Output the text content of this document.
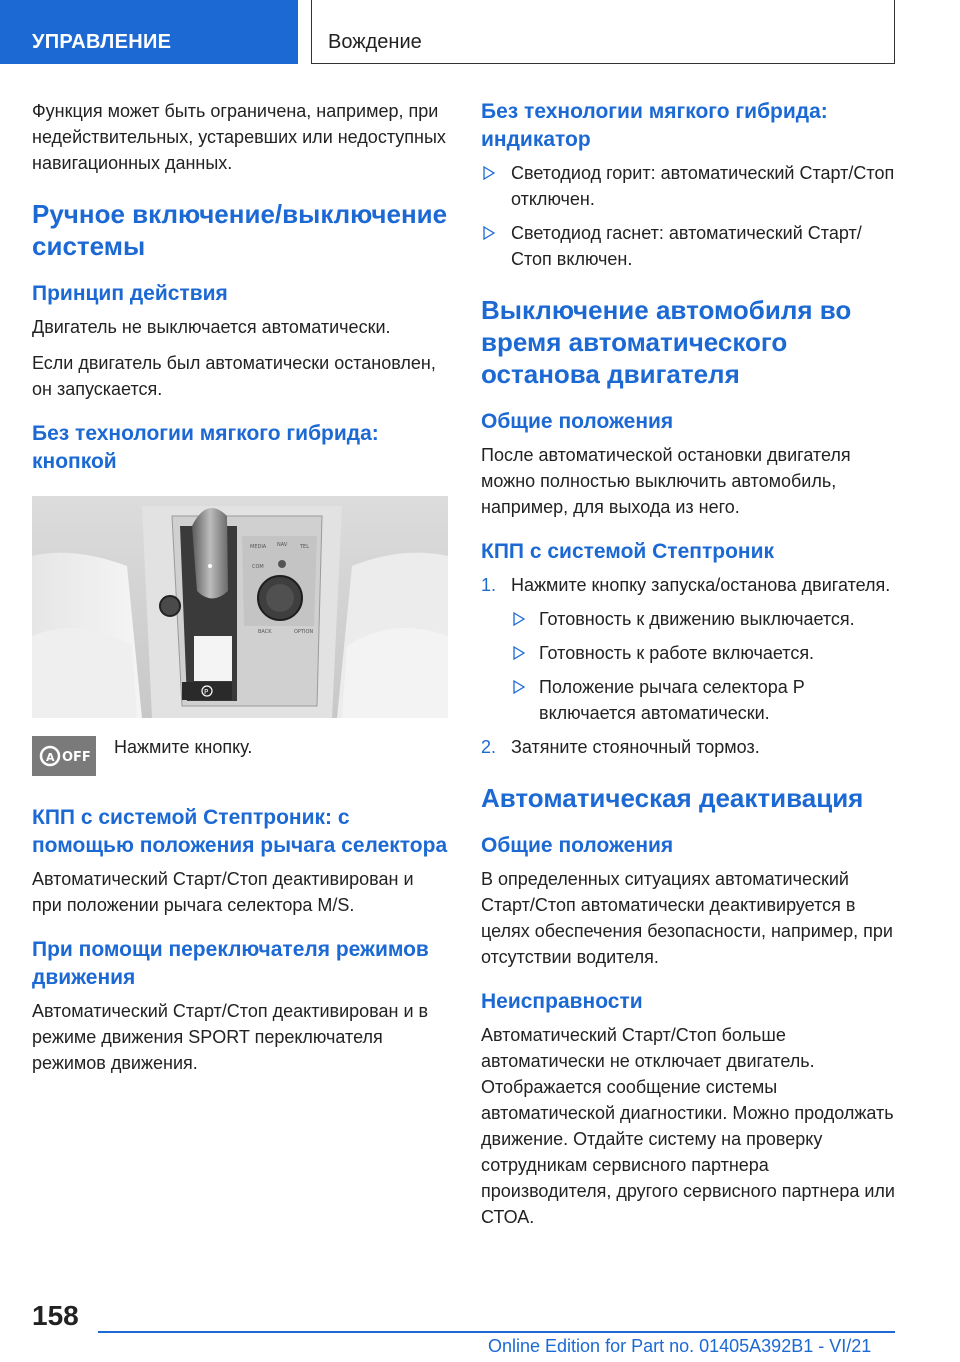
УПРАВЛЕНИЕ	Вождение

Функция может быть ограничена, например, при недействительных, устаревших или недоступных навигационных данных.

Ручное включение/выключение системы
Принцип действия

Двигатель не выключается автоматически.

Если двигатель был автоматически остановлен, он запускается.

Без технологии мягкого гибрида: кнопкой
P
MEDIA NAV	TEL
COM
BACK	OPTION
A OFF

Нажмите кнопку.

КПП с системой Стептроник: с помощью положения рычага селектора

Автоматический Старт/Стоп деактивирован и при положении рычага селектора M/S.

При помощи переключателя режимов движения

Автоматический Старт/Стоп деактивирован и в режиме движения SPORT переключателя режимов движения.

Без технологии мягкого гибрида: индикатор
Светодиод горит: автоматический Старт/Стоп отключен.
Светодиод гаснет: автоматический Старт/Стоп включен.
Выключение автомобиля во время автоматического останова двигателя
Общие положения

После автоматической остановки двигателя можно полностью выключить автомобиль, например, для выхода из него.

КПП с системой Стептроник
1. Нажмите кнопку запуска/останова двигателя.
Готовность к движению выключается.
Готовность к работе включается.
Положение рычага селектора P включается автоматически.
2. Затяните стояночный тормоз.
Автоматическая деактивация
Общие положения

В определенных ситуациях автоматический Старт/Стоп автоматически деактивируется в целях обеспечения безопасности, например, при отсутствии водителя.

Неисправности

Автоматический Старт/Стоп больше автоматически не отключает двигатель. Отображается сообщение системы автоматической диагностики. Можно продолжать движение. Отдайте систему на проверку сотрудникам сервисного партнера производителя, другого сервисного партнера или СТОА.

158
Online Edition for Part no. 01405A392B1 - VI/21
